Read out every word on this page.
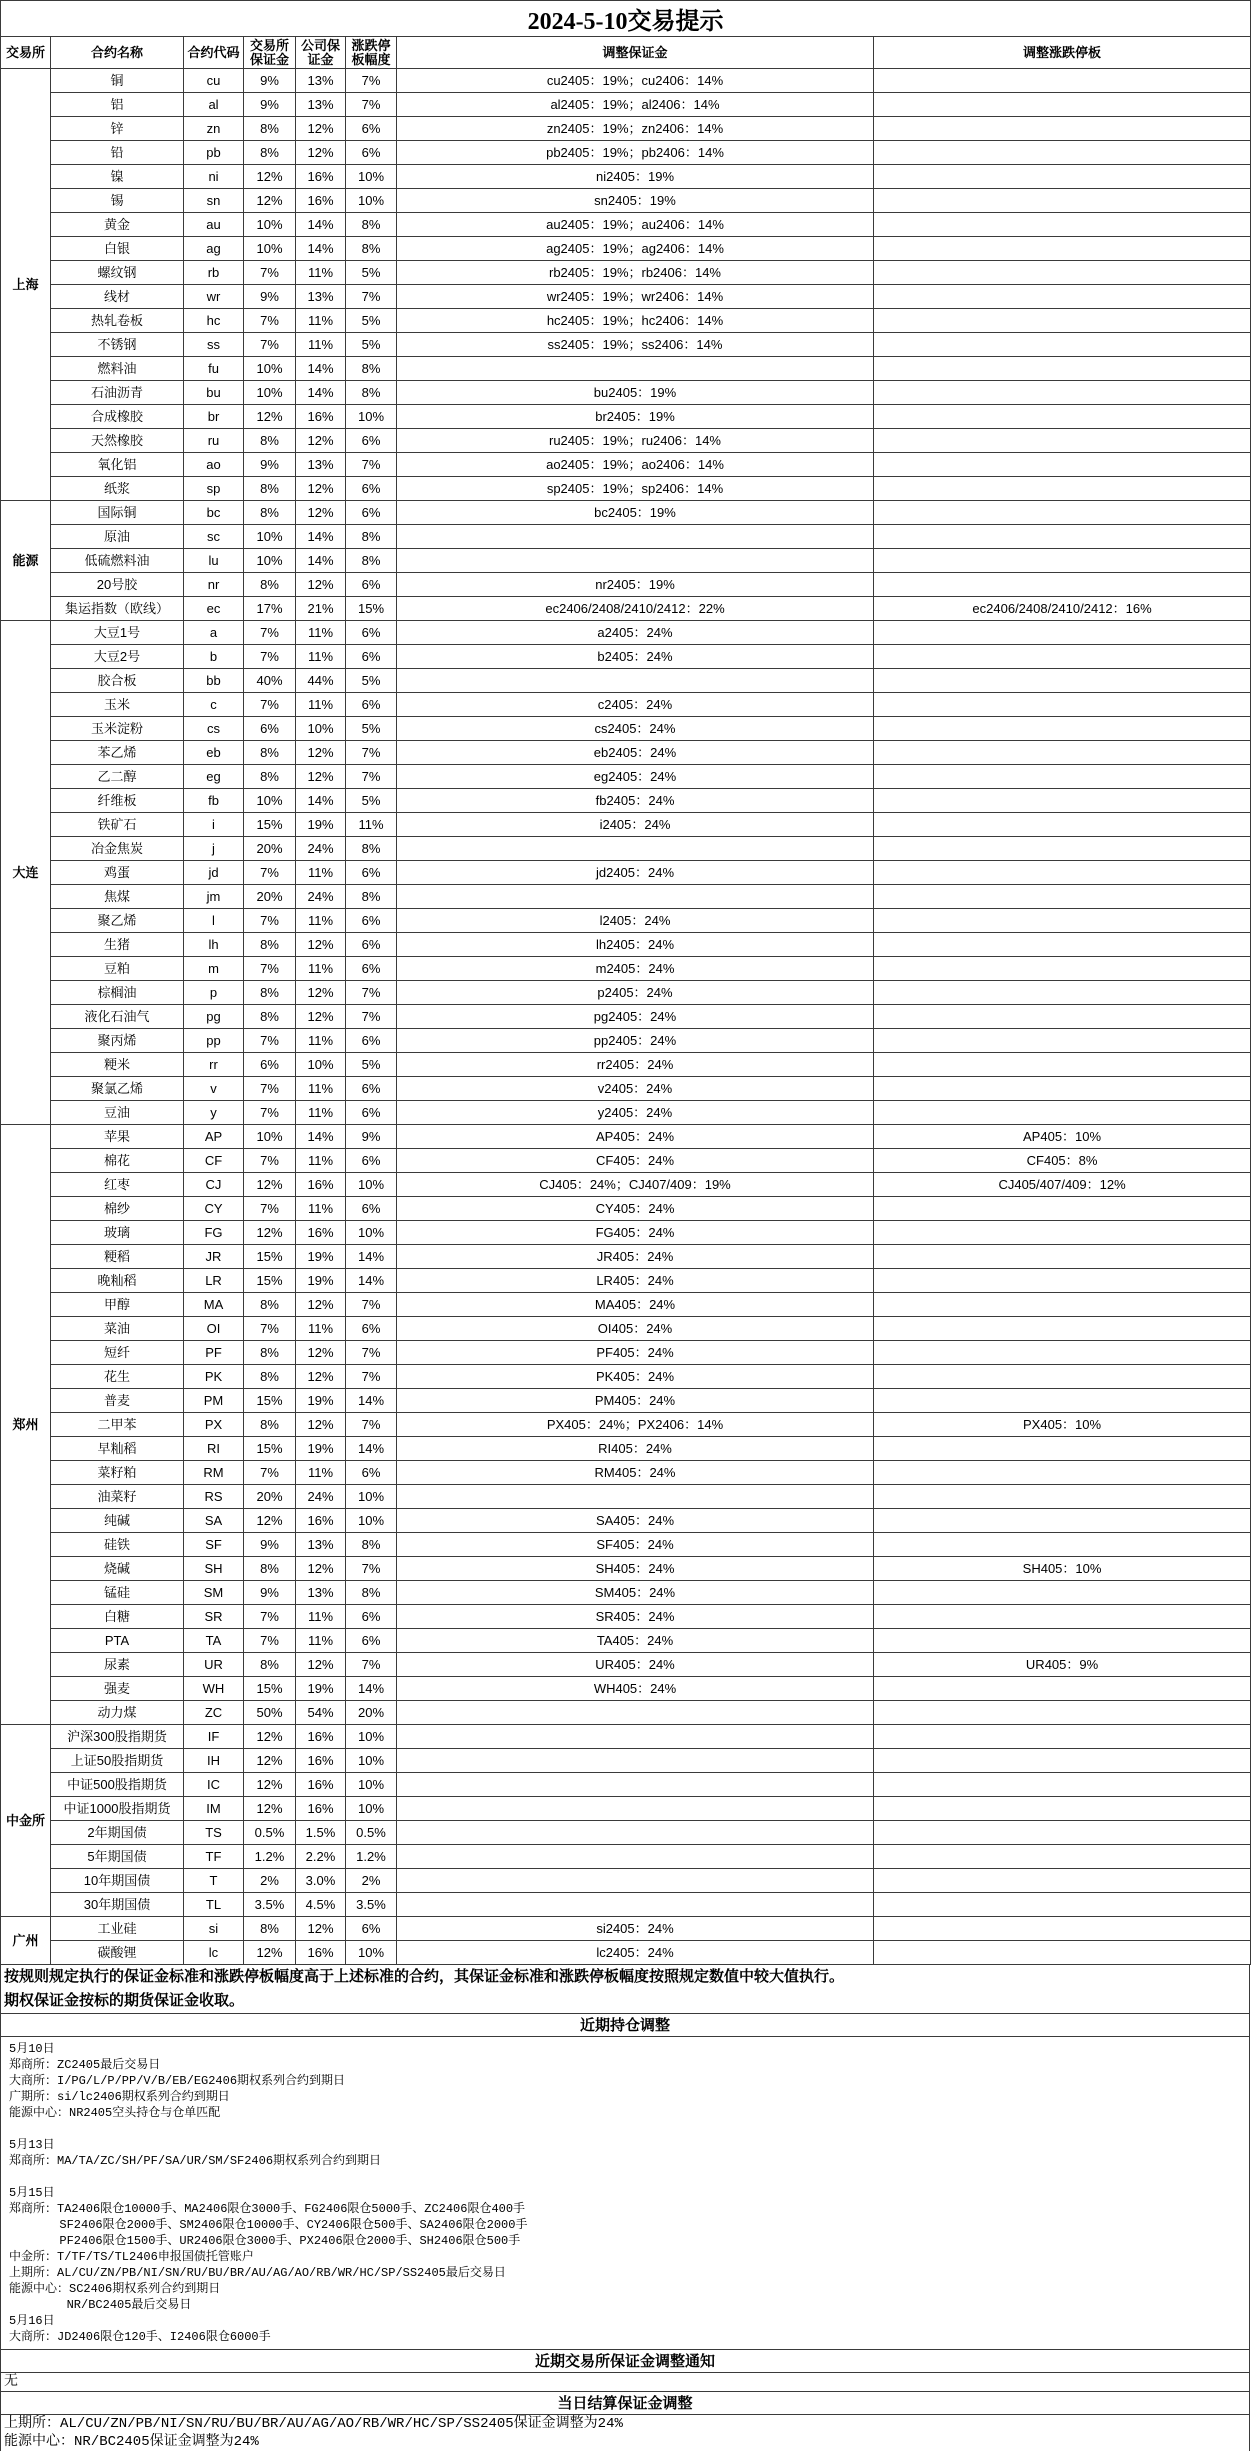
2024-5-10交易提示							
交易所	合约名称	合约代码	交易所保证金	公司保证金	涨跌停板幅度	调整保证金	调整涨跌停板
上海	铜	cu	9%	13%	7%	cu2405：19%；cu2406：14%	
	铝	al	9%	13%	7%	al2405：19%；al2406：14%	
	锌	zn	8%	12%	6%	zn2405：19%；zn2406：14%	
	铅	pb	8%	12%	6%	pb2405：19%；pb2406：14%	
	镍	ni	12%	16%	10%	ni2405：19%	
	锡	sn	12%	16%	10%	sn2405：19%	
	黄金	au	10%	14%	8%	au2405：19%；au2406：14%	
	白银	ag	10%	14%	8%	ag2405：19%；ag2406：14%	
	螺纹钢	rb	7%	11%	5%	rb2405：19%；rb2406：14%	
	线材	wr	9%	13%	7%	wr2405：19%；wr2406：14%	
	热轧卷板	hc	7%	11%	5%	hc2405：19%；hc2406：14%	
	不锈钢	ss	7%	11%	5%	ss2405：19%；ss2406：14%	
	燃料油	fu	10%	14%	8%		
	石油沥青	bu	10%	14%	8%	bu2405：19%	
	合成橡胶	br	12%	16%	10%	br2405：19%	
	天然橡胶	ru	8%	12%	6%	ru2405：19%；ru2406：14%	
	氧化铝	ao	9%	13%	7%	ao2405：19%；ao2406：14%	
	纸浆	sp	8%	12%	6%	sp2405：19%；sp2406：14%	
能源	国际铜	bc	8%	12%	6%	bc2405：19%	
	原油	sc	10%	14%	8%		
	低硫燃料油	lu	10%	14%	8%		
	20号胶	nr	8%	12%	6%	nr2405：19%	
	集运指数（欧线）	ec	17%	21%	15%	ec2406/2408/2410/2412：22%	ec2406/2408/2410/2412：16%
大连	大豆1号	a	7%	11%	6%	a2405：24%	
	大豆2号	b	7%	11%	6%	b2405：24%	
	胶合板	bb	40%	44%	5%		
	玉米	c	7%	11%	6%	c2405：24%	
	玉米淀粉	cs	6%	10%	5%	cs2405：24%	
	苯乙烯	eb	8%	12%	7%	eb2405：24%	
	乙二醇	eg	8%	12%	7%	eg2405：24%	
	纤维板	fb	10%	14%	5%	fb2405：24%	
	铁矿石	i	15%	19%	11%	i2405：24%	
	冶金焦炭	j	20%	24%	8%		
	鸡蛋	jd	7%	11%	6%	jd2405：24%	
	焦煤	jm	20%	24%	8%		
	聚乙烯	l	7%	11%	6%	l2405：24%	
	生猪	lh	8%	12%	6%	lh2405：24%	
	豆粕	m	7%	11%	6%	m2405：24%	
	棕榈油	p	8%	12%	7%	p2405：24%	
	液化石油气	pg	8%	12%	7%	pg2405：24%	
	聚丙烯	pp	7%	11%	6%	pp2405：24%	
	粳米	rr	6%	10%	5%	rr2405：24%	
	聚氯乙烯	v	7%	11%	6%	v2405：24%	
	豆油	y	7%	11%	6%	y2405：24%	
郑州	苹果	AP	10%	14%	9%	AP405：24%	AP405：10%
	棉花	CF	7%	11%	6%	CF405：24%	CF405：8%
	红枣	CJ	12%	16%	10%	CJ405：24%；CJ407/409：19%	CJ405/407/409：12%
	棉纱	CY	7%	11%	6%	CY405：24%	
	玻璃	FG	12%	16%	10%	FG405：24%	
	粳稻	JR	15%	19%	14%	JR405：24%	
	晚籼稻	LR	15%	19%	14%	LR405：24%	
	甲醇	MA	8%	12%	7%	MA405：24%	
	菜油	OI	7%	11%	6%	OI405：24%	
	短纤	PF	8%	12%	7%	PF405：24%	
	花生	PK	8%	12%	7%	PK405：24%	
	普麦	PM	15%	19%	14%	PM405：24%	
	二甲苯	PX	8%	12%	7%	PX405：24%；PX2406：14%	PX405：10%
	早籼稻	RI	15%	19%	14%	RI405：24%	
	菜籽粕	RM	7%	11%	6%	RM405：24%	
	油菜籽	RS	20%	24%	10%		
	纯碱	SA	12%	16%	10%	SA405：24%	
	硅铁	SF	9%	13%	8%	SF405：24%	
	烧碱	SH	8%	12%	7%	SH405：24%	SH405：10%
	锰硅	SM	9%	13%	8%	SM405：24%	
	白糖	SR	7%	11%	6%	SR405：24%	
	PTA	TA	7%	11%	6%	TA405：24%	
	尿素	UR	8%	12%	7%	UR405：24%	UR405：9%
	强麦	WH	15%	19%	14%	WH405：24%	
	动力煤	ZC	50%	54%	20%		
中金所	沪深300股指期货	IF	12%	16%	10%		
	上证50股指期货	IH	12%	16%	10%		
	中证500股指期货	IC	12%	16%	10%		
	中证1000股指期货	IM	12%	16%	10%		
	2年期国债	TS	0.5%	1.5%	0.5%		
	5年期国债	TF	1.2%	2.2%	1.2%		
	10年期国债	T	2%	3.0%	2%		
	30年期国债	TL	3.5%	4.5%	3.5%		
广州	工业硅	si	8%	12%	6%	si2405：24%	
	碳酸锂	lc	12%	16%	10%	lc2405：24%	
按规则规定执行的保证金标准和涨跌停板幅度高于上述标准的合约，其保证金标准和涨跌停板幅度按照规定数值中较大值执行。
期权保证金按标的期货保证金收取。
近期持仓调整
5月10日
郑商所：ZC2405最后交易日
大商所：I/PG/L/P/PP/V/B/EB/EG2406期权系列合约到期日
广期所：si/lc2406期权系列合约到期日
能源中心：NR2405空头持仓与仓单匹配
5月13日
郑商所：MA/TA/ZC/SH/PF/SA/UR/SM/SF2406期权系列合约到期日
5月15日
郑商所：TA2406限仓10000手、MA2406限仓3000手、FG2406限仓5000手、ZC2406限仓400手
SF2406限仓2000手、SM2406限仓10000手、CY2406限仓500手、SA2406限仓2000手
PF2406限仓1500手、UR2406限仓3000手、PX2406限仓2000手、SH2406限仓500手
中金所：T/TF/TS/TL2406申报国债托管账户
上期所：AL/CU/ZN/PB/NI/SN/RU/BU/BR/AU/AG/AO/RB/WR/HC/SP/SS2405最后交易日
能源中心：SC2406期权系列合约到期日
NR/BC2405最后交易日
5月16日
大商所：JD2406限仓120手、I2406限仓6000手
近期交易所保证金调整通知
无
当日结算保证金调整
上期所：AL/CU/ZN/PB/NI/SN/RU/BU/BR/AU/AG/AO/RB/WR/HC/SP/SS2405保证金调整为24%
能源中心：NR/BC2405保证金调整为24%
